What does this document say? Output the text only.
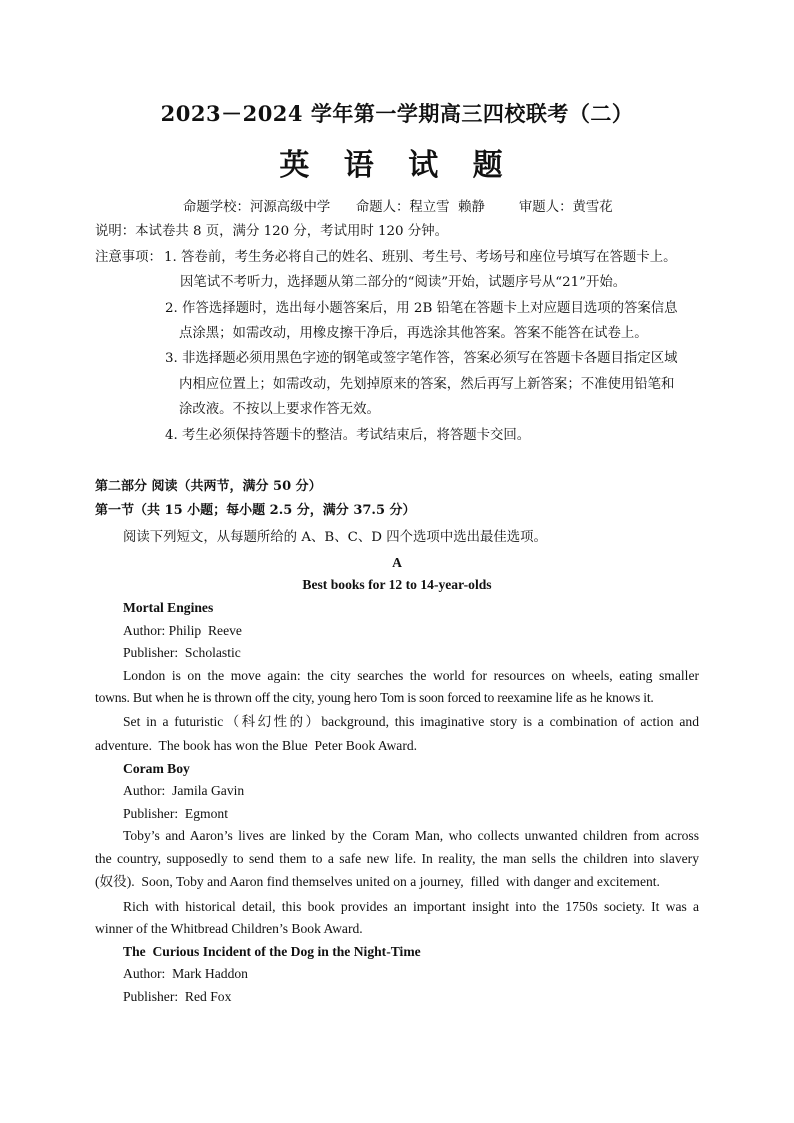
2023－2024 学年第一学期高三四校联考（二）
英 语 试 题
命题学校：河源高级中学      命题人：程立雪  赖静        审题人：黄雪花
说明：本试卷共 8 页，满分 120 分，考试用时 120 分钟。
注意事项： 1. 答卷前，考生务必将自己的姓名、班别、考生号、考场号和座位号填写在答题卡上。
因笔试不考听力，选择题从第二部分的“阅读”开始，试题序号从“21”开始。
2. 作答选择题时，选出每小题答案后，用 2B 铅笔在答题卡上对应题目选项的答案信息
点涂黑；如需改动，用橡皮擦干净后，再选涂其他答案。答案不能答在试卷上。
3. 非选择题必须用黑色字迹的钢笔或签字笔作答，答案必须写在答题卡各题目指定区域
内相应位置上；如需改动，先划掉原来的答案，然后再写上新答案；不准使用铅笔和
涂改液。不按以上要求作答无效。
4. 考生必须保持答题卡的整洁。考试结束后，将答题卡交回。
第二部分 阅读（共两节，满分 50 分）
第一节（共 15 小题；每小题 2.5 分，满分 37.5 分）
阅读下列短文，从每题所给的 A、B、C、D 四个选项中选出最佳选项。
A
Best books for 12 to 14-year-olds
Mortal Engines
Author: Philip  Reeve
Publisher:  Scholastic
London is on the move again: the city searches the world for resources on wheels, eating smaller
towns. But when he is thrown off the city, young hero Tom is soon forced to reexamine life as he knows it.
Set in a futuristic（科幻性的）background, this imaginative story is a combination of action and
adventure.  The book has won the Blue  Peter Book Award.
Coram Boy
Author:  Jamila Gavin
Publisher:  Egmont
Toby’s and Aaron’s lives are linked by the Coram Man, who collects unwanted children from across
the country, supposedly to send them to a safe new life. In reality, the man sells the children into slavery
(奴役).  Soon, Toby and Aaron find themselves united on a journey,  filled  with danger and excitement.
Rich with historical detail, this book provides an important insight into the 1750s society. It was a
winner of the Whitbread Children’s Book Award.
The  Curious Incident of the Dog in the Night-Time
Author:  Mark Haddon
Publisher:  Red Fox
